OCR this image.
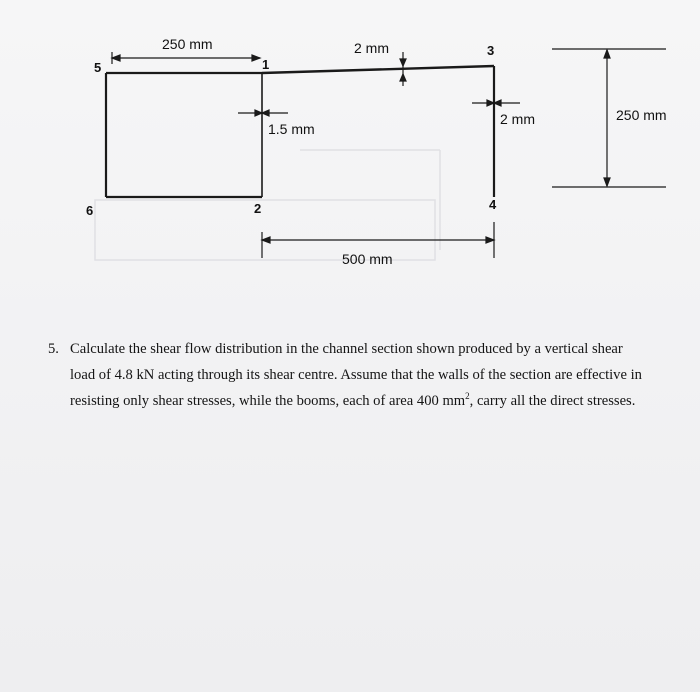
250 mm	2 mm
1.5 mm
2 mm	250 mm
500 mm
1
2
3
4
5
6
5. Calculate the shear flow distribution in the channel section shown produced by a vertical shear load of 4.8 kN acting through its shear centre. Assume that the walls of the section are effective in resisting only shear stresses, while the booms, each of area 400 $mm^2$, carry all the direct stresses.
